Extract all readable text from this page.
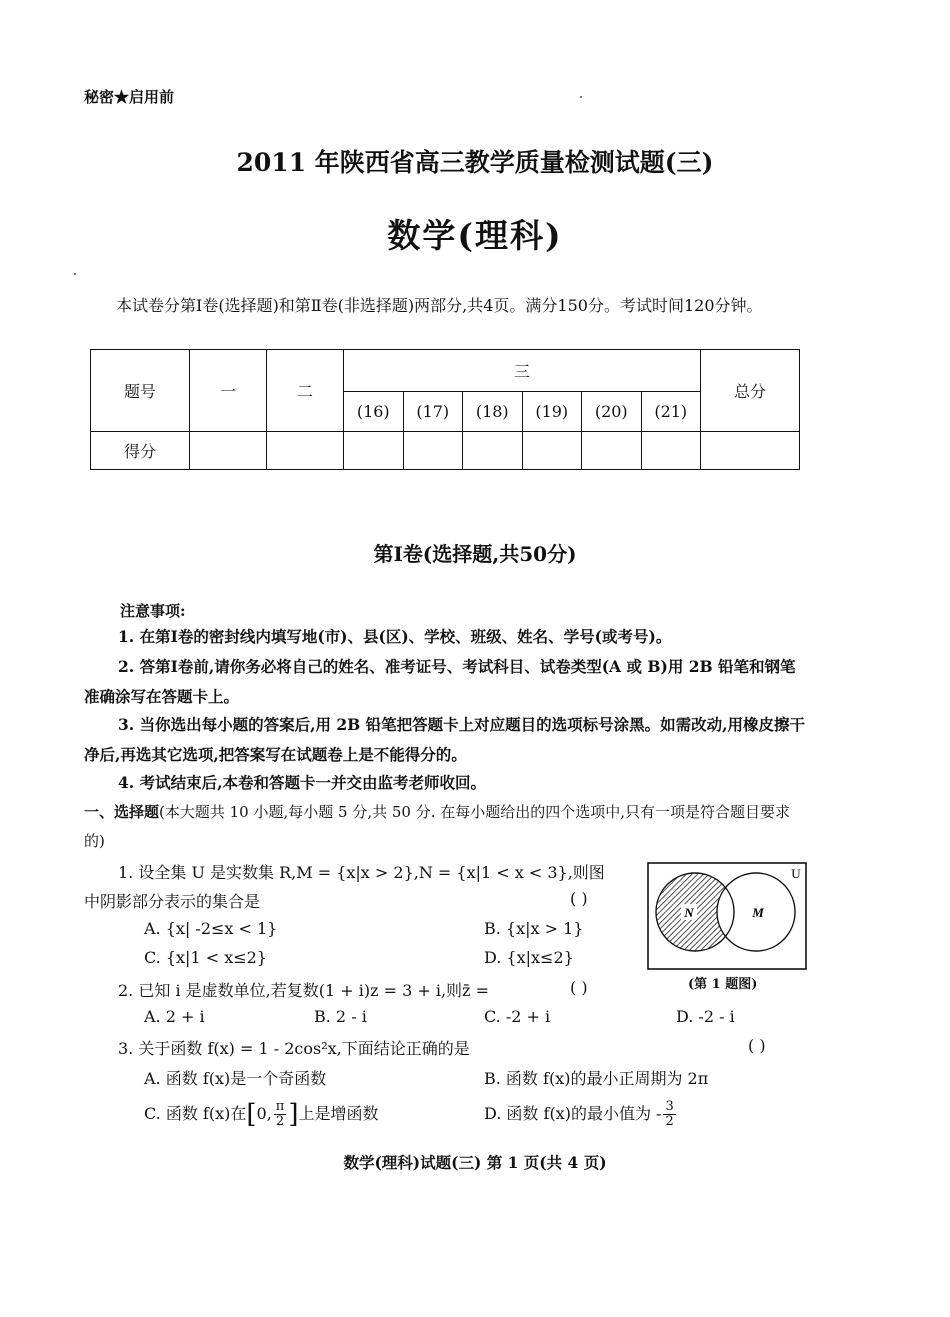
秘密★启用前
2011 年陕西省高三教学质量检测试题(三)
数学(理科)
本试卷分第Ⅰ卷(选择题)和第Ⅱ卷(非选择题)两部分,共4页。满分150分。考试时间120分钟。
题号	一	二	三						总分
			(16)	(17)	(18)	(19)	(20)	(21)	
得分									
第Ⅰ卷(选择题,共50分)
注意事项:
1. 在第Ⅰ卷的密封线内填写地(市)、县(区)、学校、班级、姓名、学号(或考号)。
2. 答第Ⅰ卷前,请你务必将自己的姓名、准考证号、考试科目、试卷类型(A 或 B)用 2B 铅笔和钢笔准确涂写在答题卡上。
3. 当你选出每小题的答案后,用 2B 铅笔把答题卡上对应题目的选项标号涂黑。如需改动,用橡皮擦干净后,再选其它选项,把答案写在试题卷上是不能得分的。
4. 考试结束后,本卷和答题卡一并交由监考老师收回。
一、选择题(本大题共 10 小题,每小题 5 分,共 50 分. 在每小题给出的四个选项中,只有一项是符合题目要求的)
1. 设全集 U 是实数集 R,M = {x|x > 2},N = {x|1 < x < 3},则图
中阴影部分表示的集合是	( )
A. {x| -2≤x < 1}	B. {x|x > 1}
C. {x|1 < x≤2}	D. {x|x≤2}
N	M
U
(第 1 题图)
2. 已知 i 是虚数单位,若复数(1 + i)z = 3 + i,则z̄ =	( )
A. 2 + i	B. 2 - i	C. -2 + i	D. -2 - i
3. 关于函数 f(x) = 1 - 2cos²x,下面结论正确的是	( )
A. 函数 f(x)是一个奇函数	B. 函数 f(x)的最小正周期为 2π
C. 函数 f(x)在[0, $\frac{\pi}{2}$ ]上是增函数	D. 函数 f(x)的最小值为 - $\frac{3}{2}$
数学(理科)试题(三) 第 1 页(共 4 页)
